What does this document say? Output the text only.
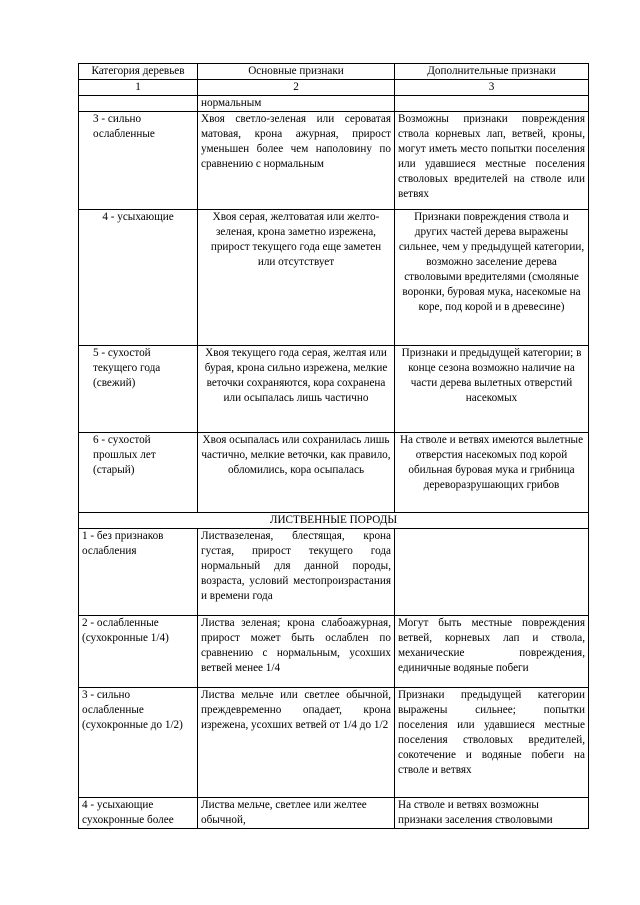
Категория деревьев	Основные признаки	Дополнительные признаки
1	2	3
	нормальным	
3 - сильно ослабленные	Хвоя светло-зеленая или сероватая матовая, крона ажурная, прирост уменьшен более чем наполовину по сравнению с нормальным	Возможны признаки повреждения ствола корневых лап, ветвей, кроны, могут иметь место попытки поселения или удавшиеся местные поселения стволовых вредителей на стволе или ветвях
4 - усыхающие	Хвоя серая, желтоватая или желто-зеленая, крона заметно изрежена, прирост текущего года еще заметен или отсутствует	Признаки повреждения ствола и других частей дерева выражены сильнее, чем у предыдущей категории, возможно заселение дерева стволовыми вредителями (смоляные воронки, буровая мука, насекомые на коре, под корой и в древесине)
5 - сухостой текущего года (свежий)	Хвоя текущего года серая, желтая или бурая, крона сильно изрежена, мелкие веточки сохраняются, кора сохранена или осыпалась лишь частично	Признаки и предыдущей категории; в конце сезона возможно наличие на части дерева вылетных отверстий насекомых
6 - сухостой прошлых лет (старый)	Хвоя осыпалась или сохранилась лишь частично, мелкие веточки, как правило, обломились, кора осыпалась	На стволе и ветвях имеются вылетные отверстия насекомых под корой обильная буровая мука и грибница дереворазрушающих грибов
ЛИСТВЕННЫЕ ПОРОДЫ		
1 - без признаков ослабления	Листвазеленая, блестящая, крона густая, прирост текущего года нормальный для данной породы, возраста, условий местопроизрастания и времени года	
2 - ослабленные (сухокронные 1/4)	Листва зеленая; крона слабоажурная, прирост может быть ослаблен по сравнению с нормальным, усохших ветвей менее 1/4	Могут быть местные повреждения ветвей, корневых лап и ствола, механические повреждения, единичные водяные побеги
3 - сильно ослабленные (сухокронные до 1/2)	Листва мельче или светлее обычной, преждевременно опадает, крона изрежена, усохших ветвей от 1/4 до 1/2	Признаки предыдущей категории выражены сильнее; попытки поселения или удавшиеся местные поселения стволовых вредителей, сокотечение и водяные побеги на стволе и ветвях
4 - усыхающие сухокронные более	Листва мельче, светлее или желтее обычной,	На стволе и ветвях возможны признаки заселения стволовыми
